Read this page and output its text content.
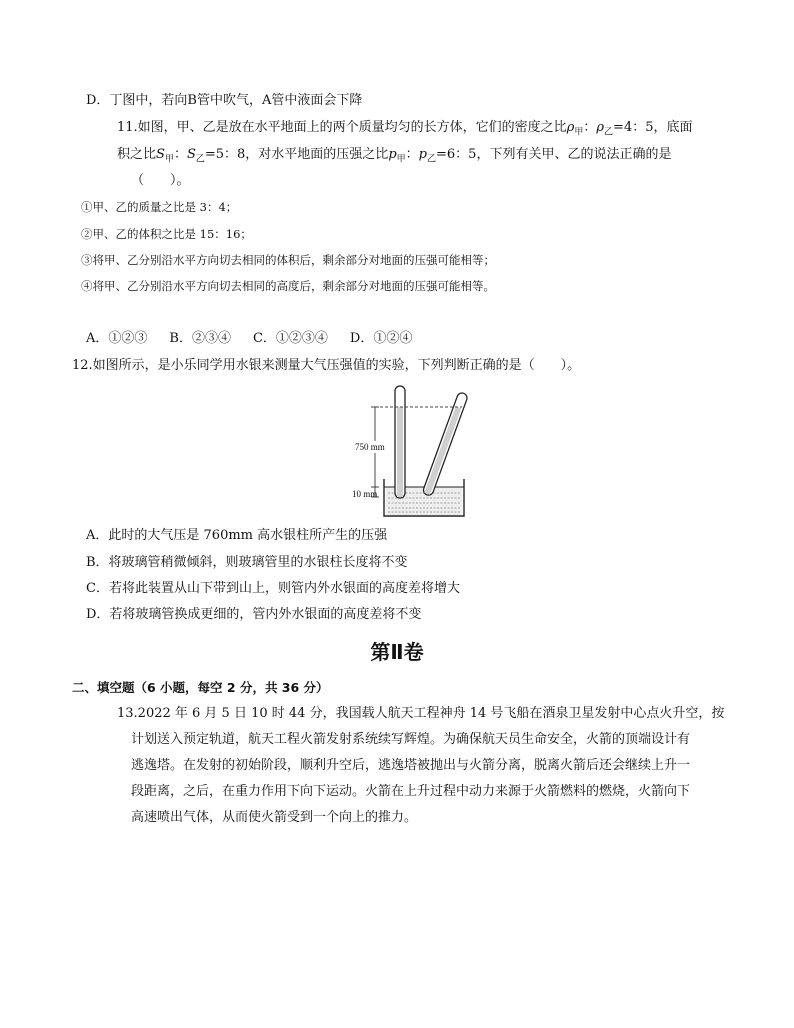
D．丁图中，若向B管中吹气，A管中液面会下降
11.如图，甲、乙是放在水平地面上的两个质量均匀的长方体，它们的密度之比$\rho_甲$：$\rho_乙=4$：5，底面
积之比$S_甲$：$S_乙=5$：8，对水平地面的压强之比$p_甲$：$p_乙=6$：5，下列有关甲、乙的说法正确的是
（　　）。
①甲、乙的质量之比是 3：4；
②甲、乙的体积之比是 15：16；
③将甲、乙分别沿水平方向切去相同的体积后，剩余部分对地面的压强可能相等；
④将甲、乙分别沿水平方向切去相同的高度后，剩余部分对地面的压强可能相等。
A．①②③ B．②③④ C．①②③④ D．①②④
12.如图所示，是小乐同学用水银来测量大气压强值的实验，下列判断正确的是（　　）。
750 mm
10 mm
A．此时的大气压是 760mm 高水银柱所产生的压强
B．将玻璃管稍微倾斜，则玻璃管里的水银柱长度将不变
C．若将此装置从山下带到山上，则管内外水银面的高度差将增大
D．若将玻璃管换成更细的，管内外水银面的高度差将不变
第Ⅱ卷
二、填空题（6 小题，每空 2 分，共 36 分）
13.2022 年 6 月 5 日 10 时 44 分，我国载人航天工程神舟 14 号飞船在酒泉卫星发射中心点火升空，按
计划送入预定轨道，航天工程火箭发射系统续写辉煌。为确保航天员生命安全，火箭的顶端设计有
逃逸塔。在发射的初始阶段，顺利升空后，逃逸塔被抛出与火箭分离，脱离火箭后还会继续上升一
段距离，之后，在重力作用下向下运动。火箭在上升过程中动力来源于火箭燃料的燃烧，火箭向下
高速喷出气体，从而使火箭受到一个向上的推力。
